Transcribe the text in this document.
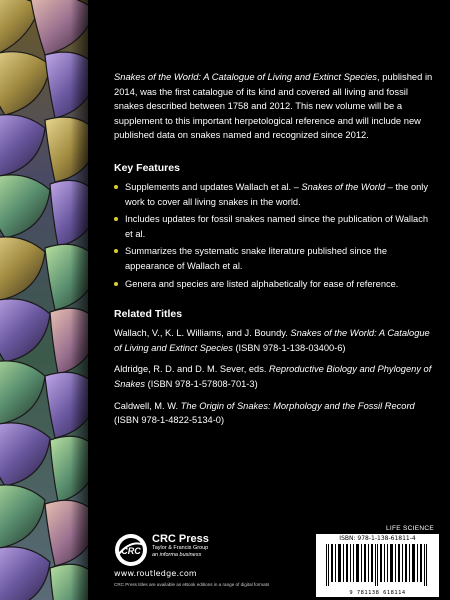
Snakes of the World: A Catalogue of Living and Extinct Species, published in 2014, was the first catalogue of its kind and covered all living and fossil snakes described between 1758 and 2012. This new volume will be a supplement to this important herpetological reference and will include new published data on snakes named and recognized since 2012.

Key Features
Supplements and updates Wallach et al. – Snakes of the World – the only work to cover all living snakes in the world.
Includes updates for fossil snakes named since the publication of Wallach et al.
Summarizes the systematic snake literature published since the appearance of Wallach et al.
Genera and species are listed alphabetically for ease of reference.
Related Titles

Wallach, V., K. L. Williams, and J. Boundy. Snakes of the World: A Catalogue of Living and Extinct Species (ISBN 978-1-138-03400-6)

Aldridge, R. D. and D. M. Sever, eds. Reproductive Biology and Phylogeny of Snakes (ISBN 978-1-57808-701-3)

Caldwell, M. W. The Origin of Snakes: Morphology and the Fossil Record (ISBN 978-1-4822-5134-0)

CRC
CRC Press
Taylor & Francis Group
an informa business
www.routledge.com
CRC Press titles are available as eBook editions in a range of digital formats
LIFE SCIENCE
ISBN: 978-1-138-61811-4
9 781138 618114
